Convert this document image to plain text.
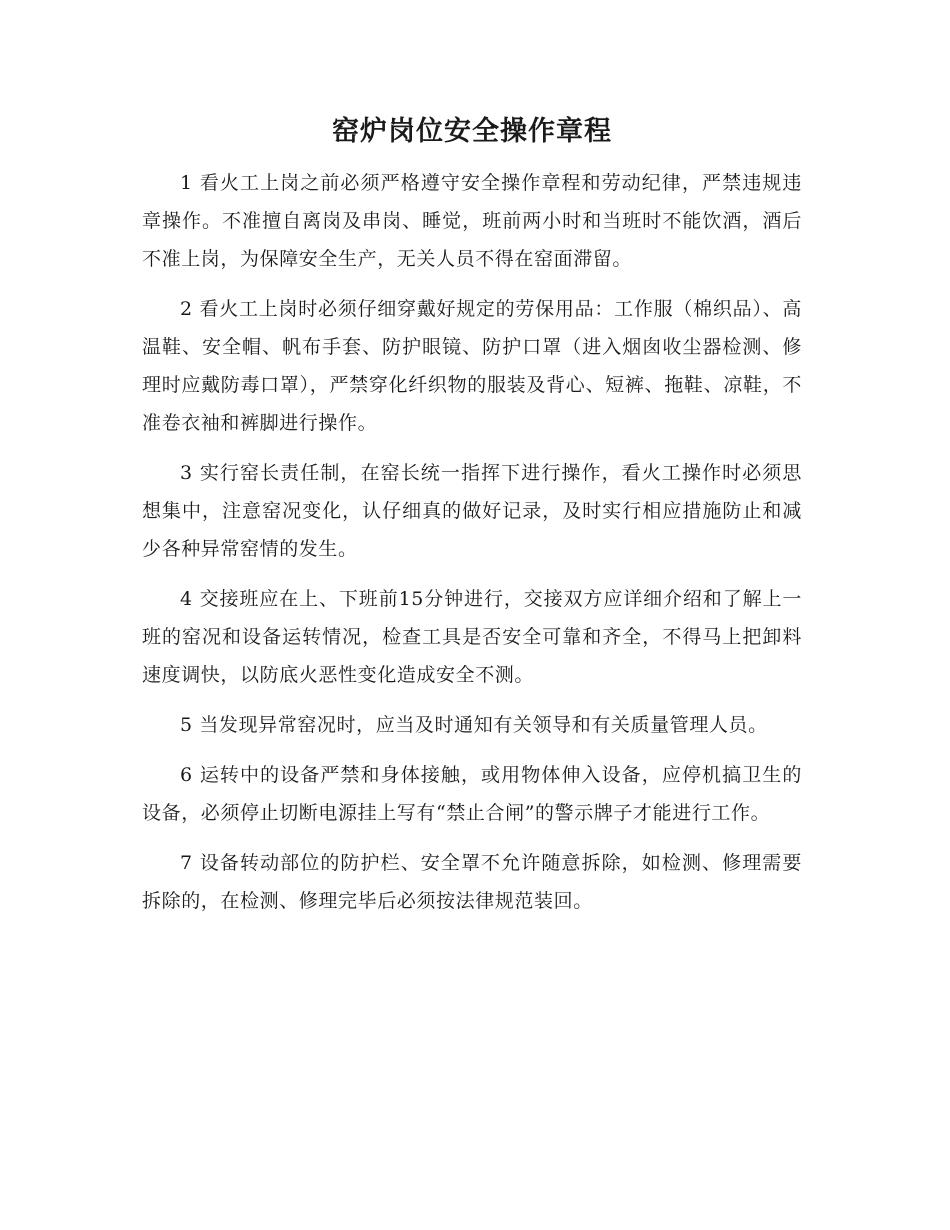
窑炉岗位安全操作章程

1 看火工上岗之前必须严格遵守安全操作章程和劳动纪律，严禁违规违章操作。不准擅自离岗及串岗、睡觉，班前两小时和当班时不能饮酒，酒后不准上岗，为保障安全生产，无关人员不得在窑面滞留。

2 看火工上岗时必须仔细穿戴好规定的劳保用品：工作服（棉织品）、高温鞋、安全帽、帆布手套、防护眼镜、防护口罩（进入烟囱收尘器检测、修理时应戴防毒口罩），严禁穿化纤织物的服装及背心、短裤、拖鞋、凉鞋，不准卷衣袖和裤脚进行操作。

3 实行窑长责任制，在窑长统一指挥下进行操作，看火工操作时必须思想集中，注意窑况变化，认仔细真的做好记录，及时实行相应措施防止和减少各种异常窑情的发生。

4 交接班应在上、下班前15分钟进行，交接双方应详细介绍和了解上一班的窑况和设备运转情况，检查工具是否安全可靠和齐全，不得马上把卸料速度调快，以防底火恶性变化造成安全不测。

5 当发现异常窑况时，应当及时通知有关领导和有关质量管理人员。

6 运转中的设备严禁和身体接触，或用物体伸入设备，应停机搞卫生的设备，必须停止切断电源挂上写有“禁止合闸”的警示牌子才能进行工作。

7 设备转动部位的防护栏、安全罩不允许随意拆除，如检测、修理需要拆除的，在检测、修理完毕后必须按法律规范装回。
